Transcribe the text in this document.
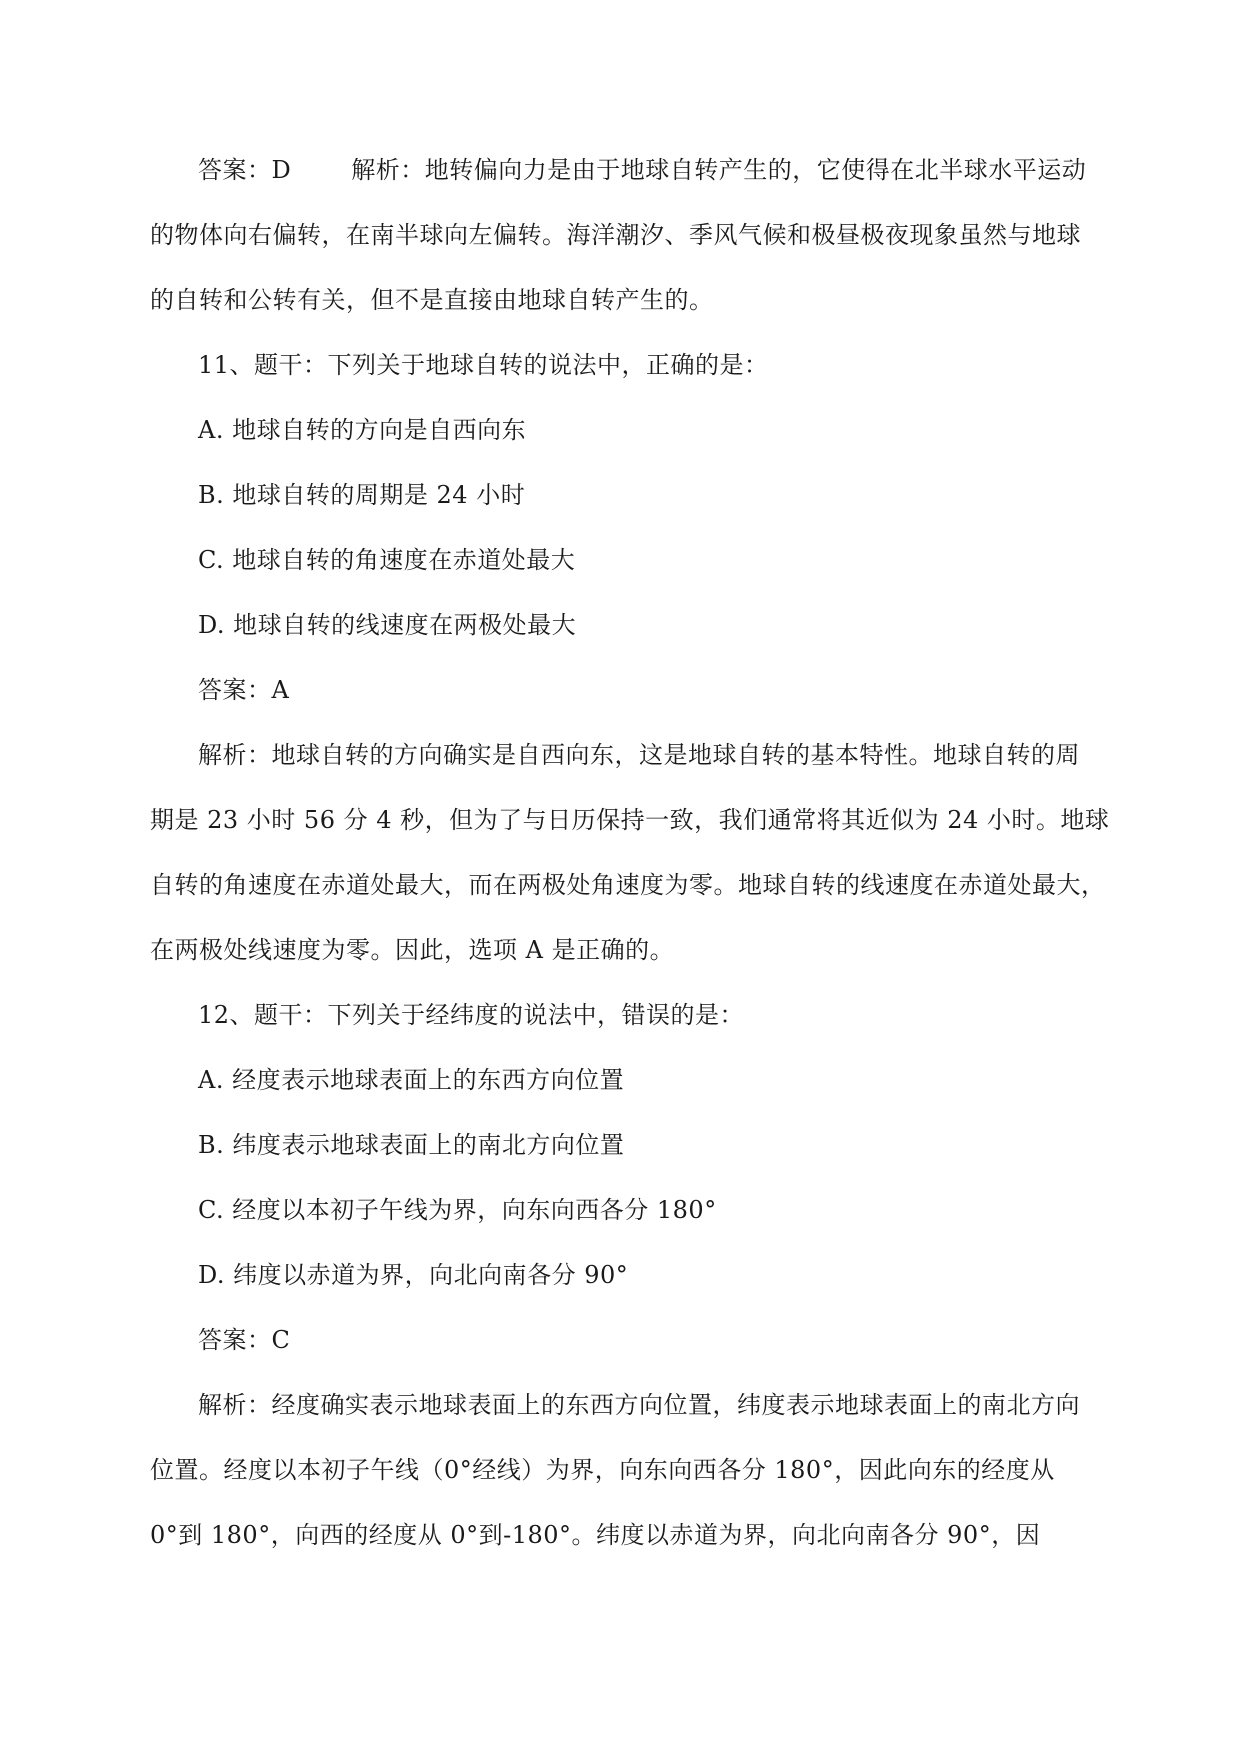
答案：D	解析：地转偏向力是由于地球自转产生的，它使得在北半球水平运动
的物体向右偏转，在南半球向左偏转。海洋潮汐、季风气候和极昼极夜现象虽然与地球
的自转和公转有关，但不是直接由地球自转产生的。
11、题干：下列关于地球自转的说法中，正确的是：
A. 地球自转的方向是自西向东
B. 地球自转的周期是 24 小时
C. 地球自转的角速度在赤道处最大
D. 地球自转的线速度在两极处最大
答案：A
解析：地球自转的方向确实是自西向东，这是地球自转的基本特性。地球自转的周
期是 23 小时 56 分 4 秒，但为了与日历保持一致，我们通常将其近似为 24 小时。地球
自转的角速度在赤道处最大，而在两极处角速度为零。地球自转的线速度在赤道处最大，
在两极处线速度为零。因此，选项 A 是正确的。
12、题干：下列关于经纬度的说法中，错误的是：
A. 经度表示地球表面上的东西方向位置
B. 纬度表示地球表面上的南北方向位置
C. 经度以本初子午线为界，向东向西各分 180°
D. 纬度以赤道为界，向北向南各分 90°
答案：C
解析：经度确实表示地球表面上的东西方向位置，纬度表示地球表面上的南北方向
位置。经度以本初子午线（0°经线）为界，向东向西各分 180°，因此向东的经度从
0°到 180°，向西的经度从 0°到-180°。纬度以赤道为界，向北向南各分 90°，因
